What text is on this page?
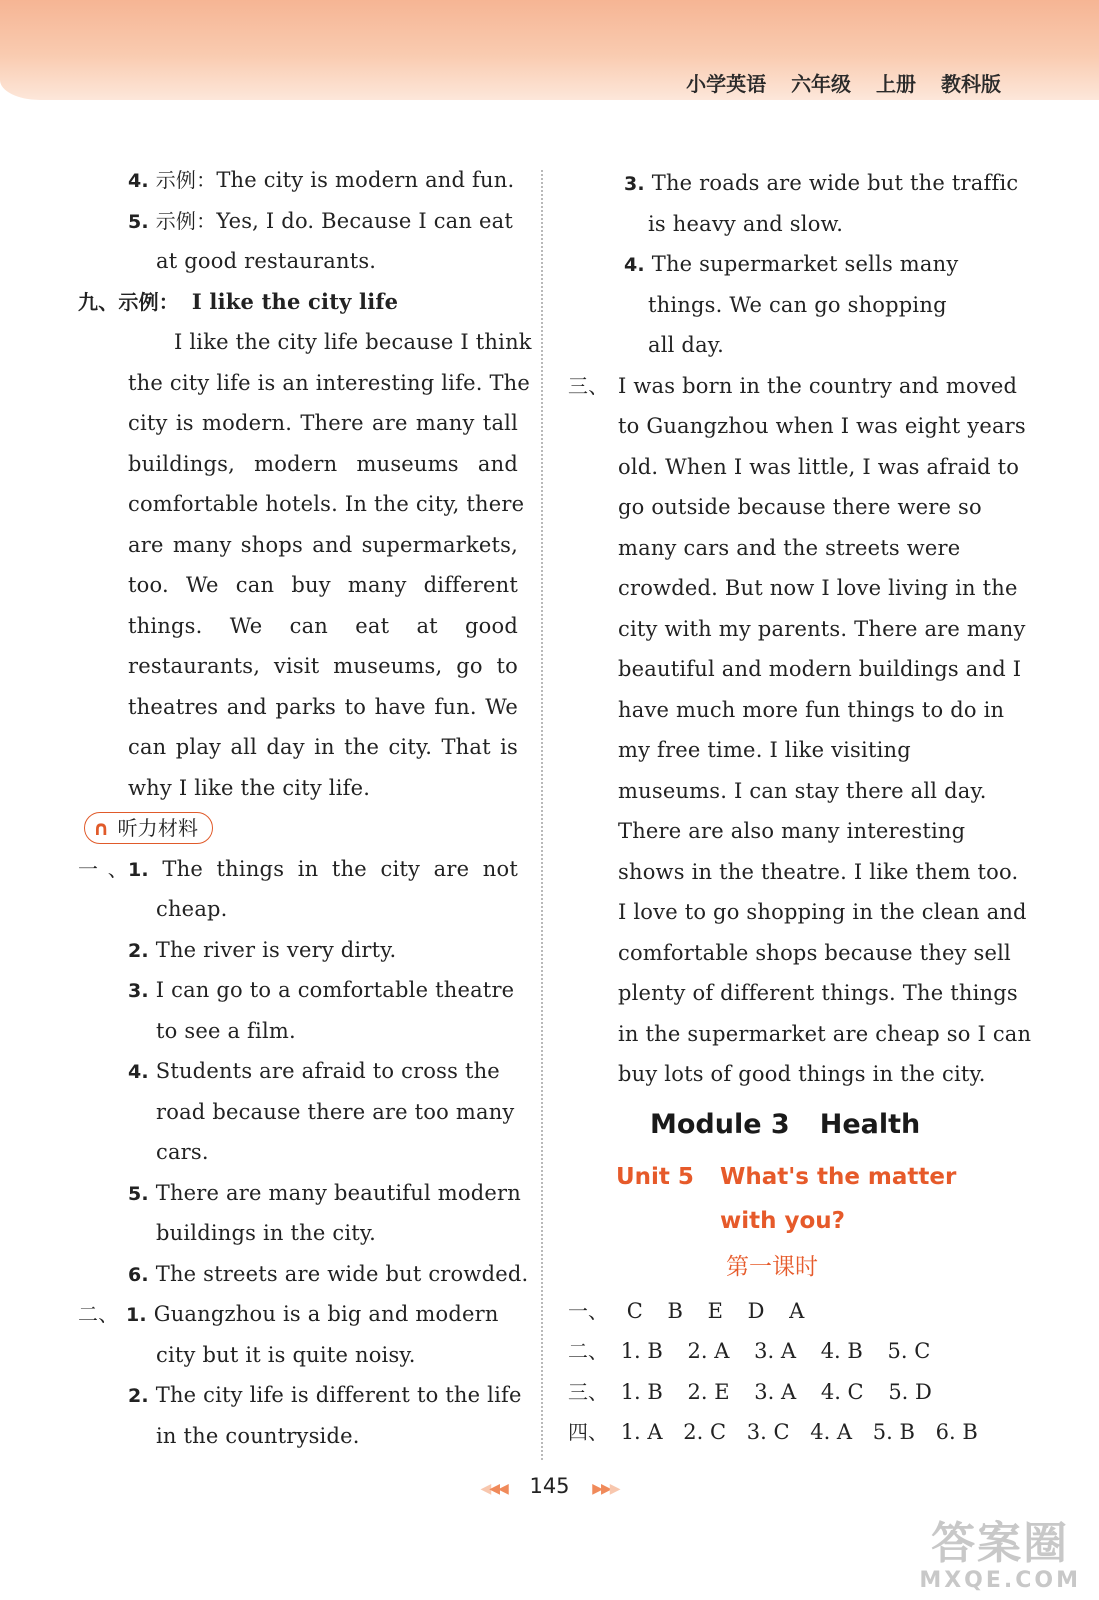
小学英语 六年级 上册 教科版
4. 示例：The city is modern and fun.
5. 示例：Yes, I do. Because I can eat
at good restaurants.
九、示例： I like the city life
I like the city life because I think
the city life is an interesting life. The
city is modern. There are many tall
buildings, modern museums and
comfortable hotels. In the city, there
are many shops and supermarkets,
too. We can buy many different
things. We can eat at good
restaurants, visit museums, go to
theatres and parks to have fun. We
can play all day in the city. That is
why I like the city life.
∩ 听力材料
一、1. The things in the city are not
cheap.
2. The river is very dirty.
3. I can go to a comfortable theatre
to see a film.
4. Students are afraid to cross the
road because there are too many
cars.
5. There are many beautiful modern
buildings in the city.
6. The streets are wide but crowded.
二、 1. Guangzhou is a big and modern
city but it is quite noisy.
2. The city life is different to the life
in the countryside.
3. The roads are wide but the traffic
is heavy and slow.
4. The supermarket sells many
things. We can go shopping
all day.
三、 I was born in the country and moved
to Guangzhou when I was eight years
old. When I was little, I was afraid to
go outside because there were so
many cars and the streets were
crowded. But now I love living in the
city with my parents. There are many
beautiful and modern buildings and I
have much more fun things to do in
my free time. I like visiting
museums. I can stay there all day.
There are also many interesting
shows in the theatre. I like them too.
I love to go shopping in the clean and
comfortable shops because they sell
plenty of different things. The things
in the supermarket are cheap so I can
buy lots of good things in the city.
Module 3 Health
Unit 5 What's the matter
with you?
第一课时
一、 C B E D A
二、 1. B 2. A 3. A 4. B 5. C
三、 1. B 2. E 3. A 4. C 5. D
四、 1. A 2. C 3. C 4. A 5. B 6. B
◀◀◀ 145 ▶▶▶
答案圈
MXQE.COM
